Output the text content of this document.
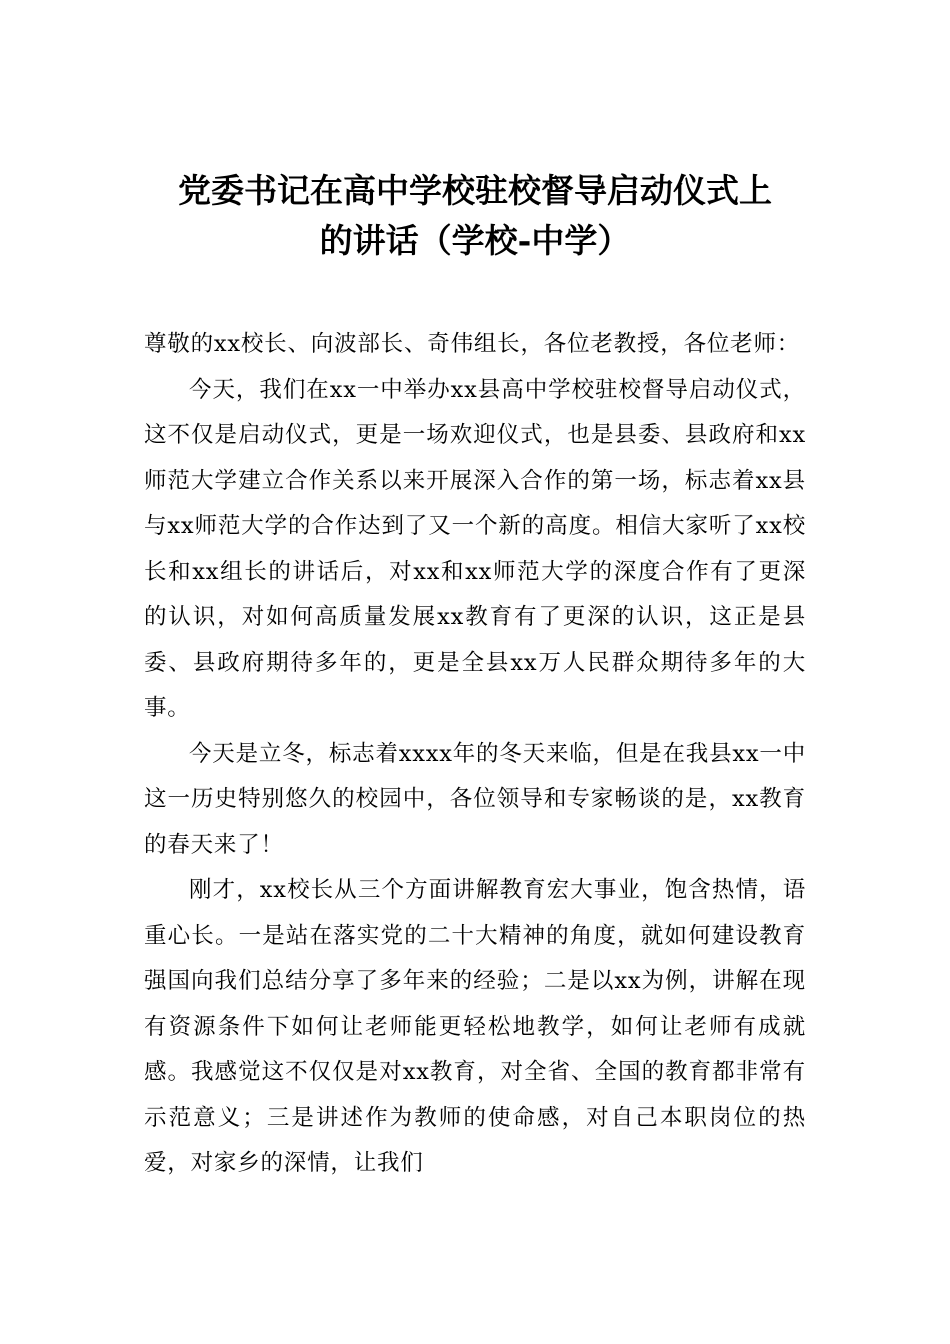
党委书记在高中学校驻校督导启动仪式上
的讲话（学校-中学）

尊敬的xx校长、向波部长、奇伟组长，各位老教授，各位老师：

今天，我们在xx一中举办xx县高中学校驻校督导启动仪式，这不仅是启动仪式，更是一场欢迎仪式，也是县委、县政府和xx师范大学建立合作关系以来开展深入合作的第一场，标志着xx县与xx师范大学的合作达到了又一个新的高度。相信大家听了xx校长和xx组长的讲话后，对xx和xx师范大学的深度合作有了更深的认识，对如何高质量发展xx教育有了更深的认识，这正是县委、县政府期待多年的，更是全县xx万人民群众期待多年的大事。

今天是立冬，标志着xxxx年的冬天来临，但是在我县xx一中这一历史特别悠久的校园中，各位领导和专家畅谈的是，xx教育的春天来了！

刚才，xx校长从三个方面讲解教育宏大事业，饱含热情，语重心长。一是站在落实党的二十大精神的角度，就如何建设教育强国向我们总结分享了多年来的经验；二是以xx为例，讲解在现有资源条件下如何让老师能更轻松地教学，如何让老师有成就感。我感觉这不仅仅是对xx教育，对全省、全国的教育都非常有示范意义；三是讲述作为教师的使命感，对自己本职岗位的热爱，对家乡的深情，让我们
